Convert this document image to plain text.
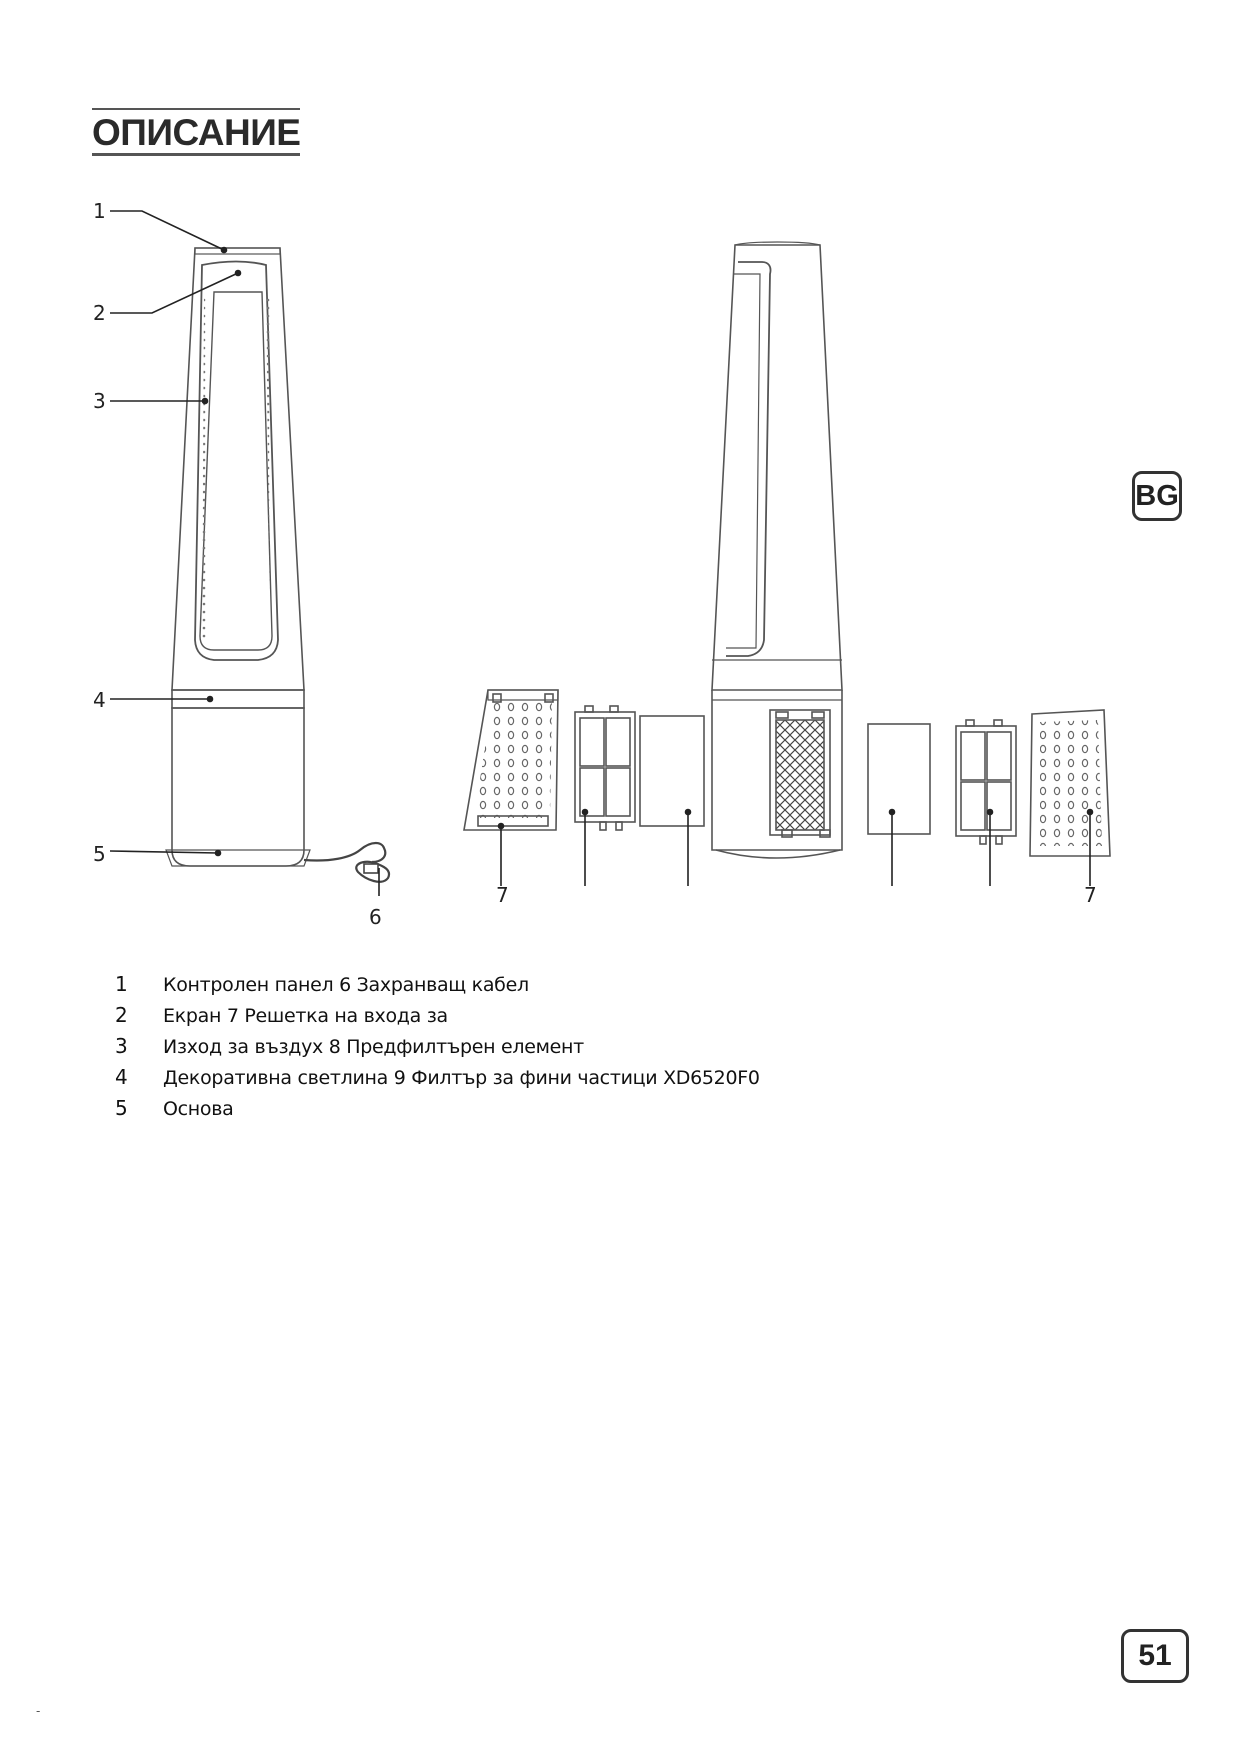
ОПИСАНИЕ
BG
1
2
3
4
5
6
7	7
1	Контролен панел 6 Захранващ кабел
2	Екран 7 Решетка на входа за
3	Изход за въздух 8 Предфилтърен елемент
4	Декоративна светлина 9 Филтър за фини частици XD6520F0
5	Основа
51
-
